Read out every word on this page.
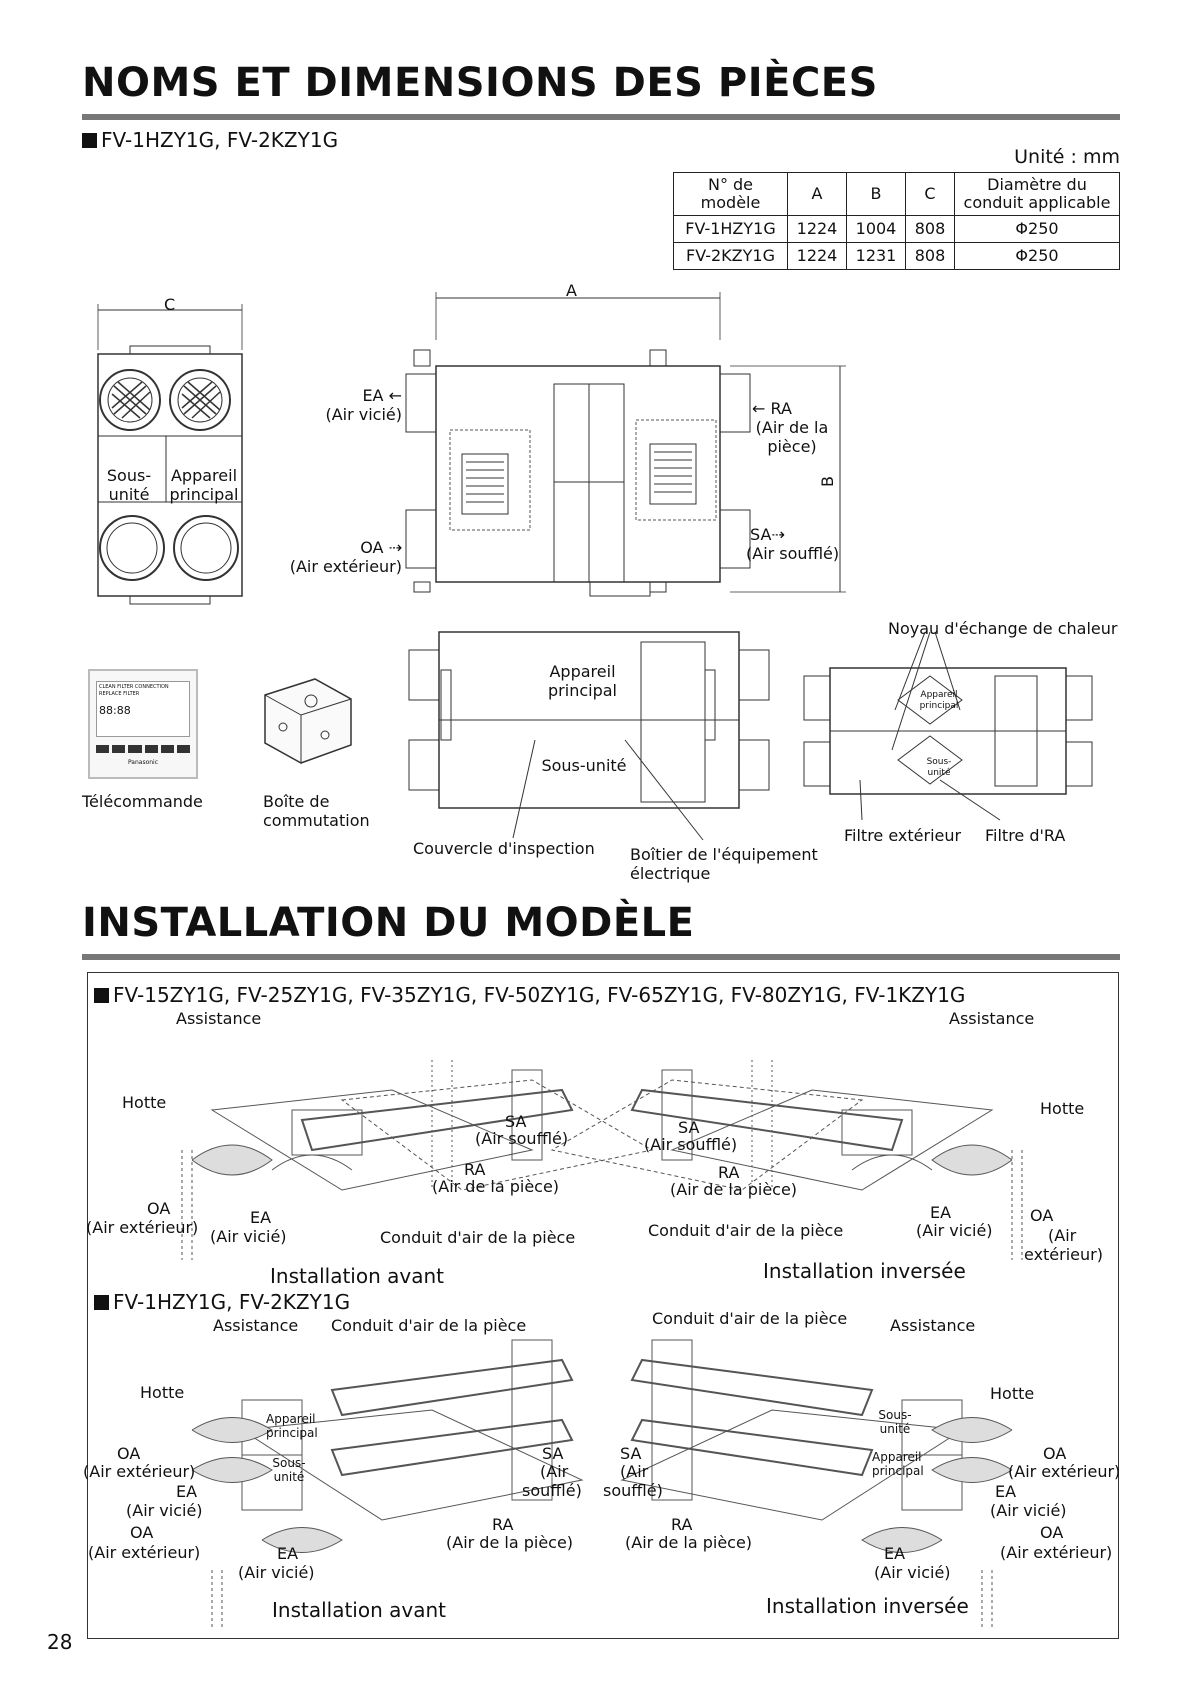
NOMS ET DIMENSIONS DES PIÈCES
FV-1HZY1G, FV-2KZY1G
Unité : mm
N° de modèle	A	B	C	Diamètre du conduit applicable
FV-1HZY1G	1224	1004	808	Φ250
FV-2KZY1G	1224	1231	808	Φ250
C
Sous-unité
Appareil principal
A
B
EA ←
(Air vicié)
OA ⇢
(Air extérieur)
← RA
(Air de la pièce)
SA⇢
(Air soufflé)
CLEAN FILTER CONNECTION
REPLACE FILTER
88:88
Panasonic
Télécommande	Boîte de commutation
Appareil principal
Sous-unité
Couvercle d'inspection Boîtier de l'équipement électrique
Appareil principal
Sous-unité
Noyau d'échange de chaleur
Filtre extérieur Filtre d'RA
INSTALLATION DU MODÈLE
FV-15ZY1G, FV-25ZY1G, FV-35ZY1G, FV-50ZY1G, FV-65ZY1G, FV-80ZY1G, FV-1KZY1G
Assistance
Hotte
SA
(Air soufflé)
RA
(Air de la pièce)
OA
(Air extérieur)
EA
(Air vicié)	Conduit d'air de la pièce
Installation avant
Assistance
Hotte
SA
(Air soufflé)
RA
(Air de la pièce)
Conduit d'air de la pièce
EA
(Air vicié)
OA
(Air
extérieur)
Installation inversée
FV-1HZY1G, FV-2KZY1G
Assistance Conduit d'air de la pièce
Hotte
Appareil principal
Sous-unité
OA
(Air extérieur)
EA
(Air vicié)
OA
(Air extérieur)	EA
(Air vicié)
SA
(Air
soufflé)
RA
(Air de la pièce)
Installation avant
Conduit d'air de la pièce	Assistance
Hotte
Sous-unité
Appareil principal
SA
(Air
soufflé)
RA
(Air de la pièce)
OA
(Air extérieur)
EA
(Air vicié)
OA
(Air extérieur)
EA
(Air vicié)
Installation inversée
28
